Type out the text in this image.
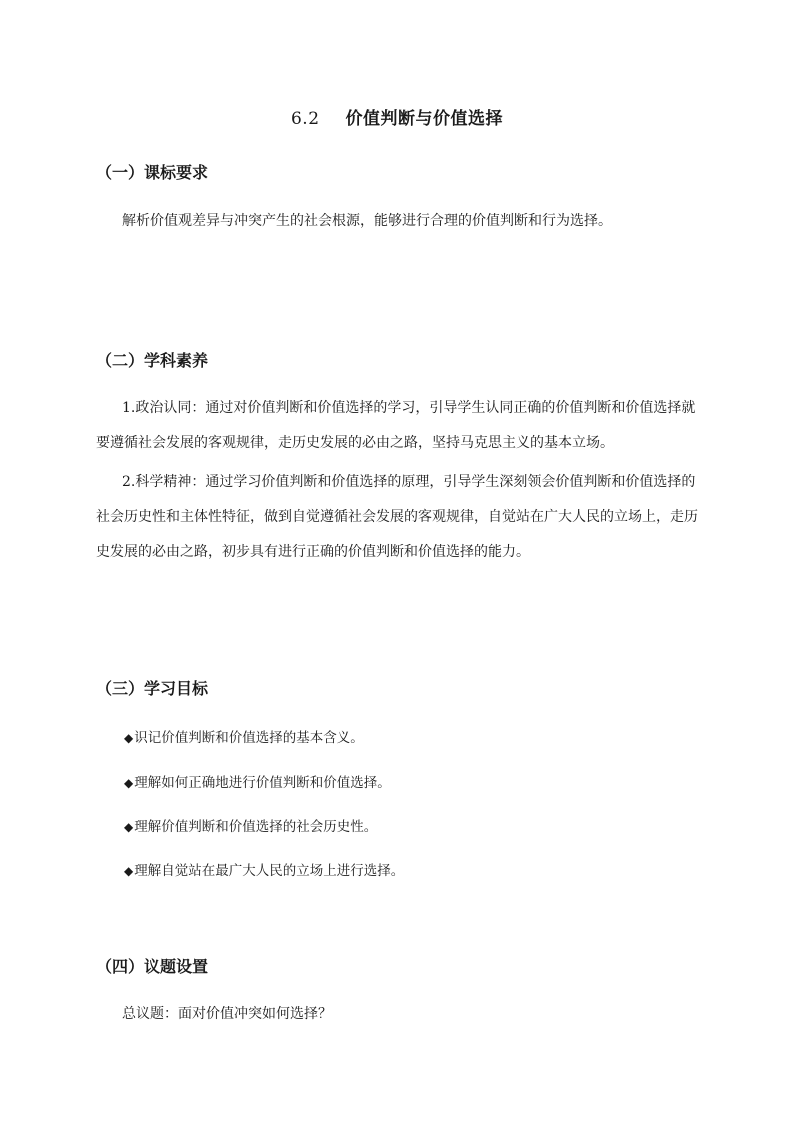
6.2 价值判断与价值选择
（一）课标要求
解析价值观差异与冲突产生的社会根源，能够进行合理的价值判断和行为选择。
（二）学科素养
1.政治认同：通过对价值判断和价值选择的学习，引导学生认同正确的价值判断和价值选择就要遵循社会发展的客观规律，走历史发展的必由之路，坚持马克思主义的基本立场。
2.科学精神：通过学习价值判断和价值选择的原理，引导学生深刻领会价值判断和价值选择的社会历史性和主体性特征，做到自觉遵循社会发展的客观规律，自觉站在广大人民的立场上，走历史发展的必由之路，初步具有进行正确的价值判断和价值选择的能力。
（三）学习目标
◆识记价值判断和价值选择的基本含义。
◆理解如何正确地进行价值判断和价值选择。
◆理解价值判断和价值选择的社会历史性。
◆理解自觉站在最广大人民的立场上进行选择。
（四）议题设置
总议题：面对价值冲突如何选择？
